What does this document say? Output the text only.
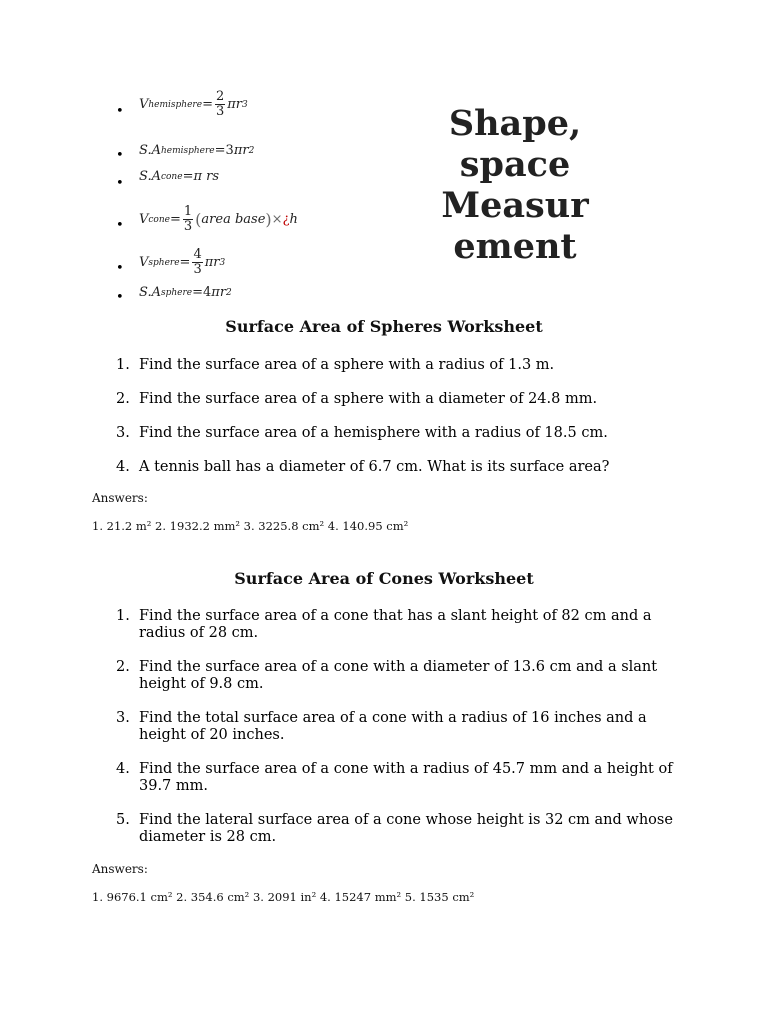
• V hemisphere = $\frac{2}{3}$ πr 3
• S.A hemisphere =3 πr 2
• S.A cone = π rs
• V cone = $\frac{1}{3}$ ( area base ) × ¿ h
• V sphere = $\frac{4}{3}$ πr 3
• S.A sphere =4 πr 2
Shape,
space
Measur
ement
Surface Area of Spheres Worksheet
1. Find the surface area of a sphere with a radius of 1.3 m.
2. Find the surface area of a sphere with a diameter of 24.8 mm.
3. Find the surface area of a hemisphere with a radius of 18.5 cm.
4. A tennis ball has a diameter of 6.7 cm. What is its surface area?
Answers:
1. 21.2 m² 2. 1932.2 mm² 3. 3225.8 cm² 4. 140.95 cm²
Surface Area of Cones Worksheet
1. Find the surface area of a cone that has a slant height of 82 cm and a radius of 28 cm.
2. Find the surface area of a cone with a diameter of 13.6 cm and a slant height of 9.8 cm.
3. Find the total surface area of a cone with a radius of 16 inches and a height of 20 inches.
4. Find the surface area of a cone with a radius of 45.7 mm and a height of 39.7 mm.
5. Find the lateral surface area of a cone whose height is 32 cm and whose diameter is 28 cm.
Answers:
1. 9676.1 cm² 2. 354.6 cm² 3. 2091 in² 4. 15247 mm² 5. 1535 cm²
